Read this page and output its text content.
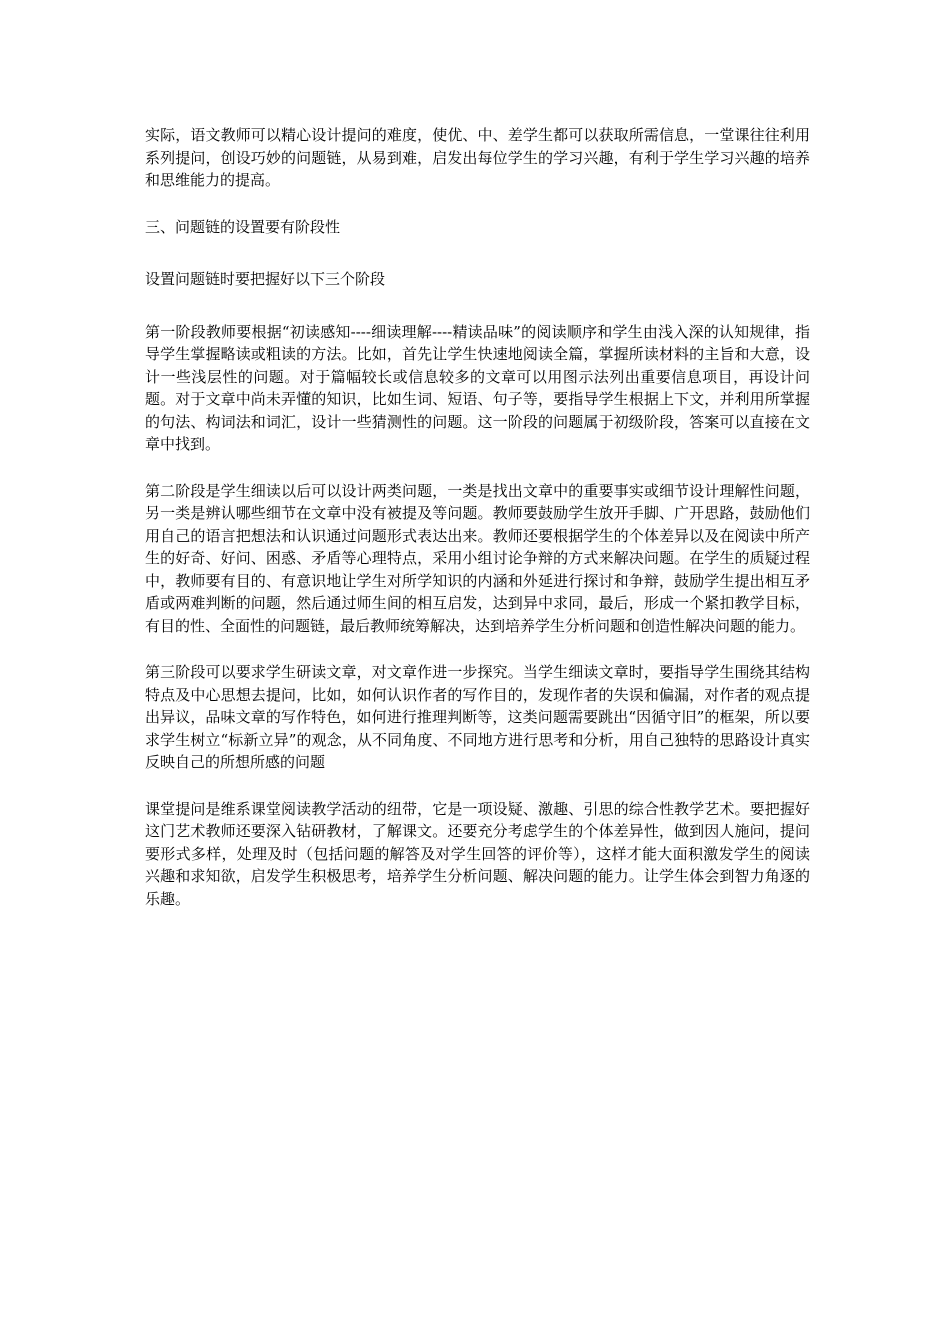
实际，语文教师可以精心设计提问的难度，使优、中、差学生都可以获取所需信息，一堂课往往利用系列提问，创设巧妙的问题链，从易到难，启发出每位学生的学习兴趣，有利于学生学习兴趣的培养和思维能力的提高。

三、问题链的设置要有阶段性

设置问题链时要把握好以下三个阶段

第一阶段教师要根据“初读感知----细读理解----精读品味”的阅读顺序和学生由浅入深的认知规律，指导学生掌握略读或粗读的方法。比如，首先让学生快速地阅读全篇，掌握所读材料的主旨和大意，设计一些浅层性的问题。对于篇幅较长或信息较多的文章可以用图示法列出重要信息项目，再设计问题。对于文章中尚未弄懂的知识，比如生词、短语、句子等，要指导学生根据上下文，并利用所掌握的句法、构词法和词汇，设计一些猜测性的问题。这一阶段的问题属于初级阶段，答案可以直接在文章中找到。

第二阶段是学生细读以后可以设计两类问题，一类是找出文章中的重要事实或细节设计理解性问题，另一类是辨认哪些细节在文章中没有被提及等问题。教师要鼓励学生放开手脚、广开思路，鼓励他们用自己的语言把想法和认识通过问题形式表达出来。教师还要根据学生的个体差异以及在阅读中所产生的好奇、好问、困惑、矛盾等心理特点，采用小组讨论争辩的方式来解决问题。在学生的质疑过程中，教师要有目的、有意识地让学生对所学知识的内涵和外延进行探讨和争辩，鼓励学生提出相互矛盾或两难判断的问题，然后通过师生间的相互启发，达到异中求同，最后，形成一个紧扣教学目标，有目的性、全面性的问题链，最后教师统筹解决，达到培养学生分析问题和创造性解决问题的能力。

第三阶段可以要求学生研读文章，对文章作进一步探究。当学生细读文章时，要指导学生围绕其结构特点及中心思想去提问，比如，如何认识作者的写作目的，发现作者的失误和偏漏，对作者的观点提出异议，品味文章的写作特色，如何进行推理判断等，这类问题需要跳出“因循守旧”的框架，所以要求学生树立“标新立异”的观念，从不同角度、不同地方进行思考和分析，用自己独特的思路设计真实反映自己的所想所感的问题

课堂提问是维系课堂阅读教学活动的纽带，它是一项设疑、激趣、引思的综合性教学艺术。要把握好这门艺术教师还要深入钻研教材，了解课文。还要充分考虑学生的个体差异性，做到因人施问，提问要形式多样，处理及时（包括问题的解答及对学生回答的评价等），这样才能大面积激发学生的阅读兴趣和求知欲，启发学生积极思考，培养学生分析问题、解决问题的能力。让学生体会到智力角逐的乐趣。
